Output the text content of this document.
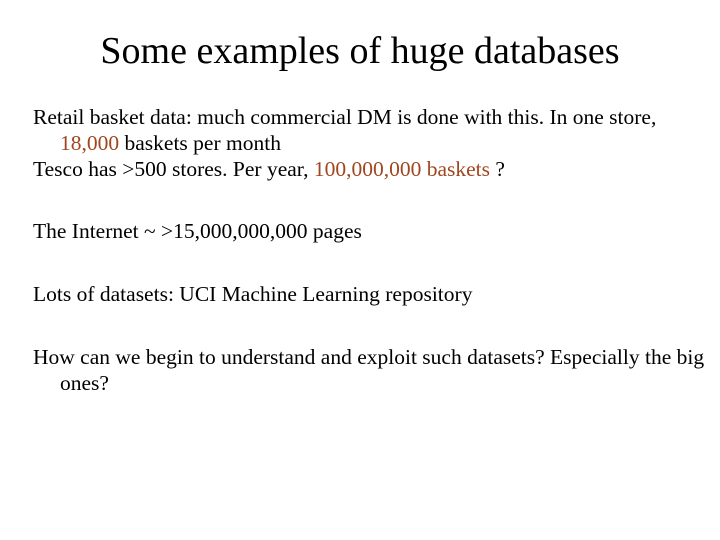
Some examples of huge databases

Retail basket data: much commercial DM is done with this. In one store, 18,000 baskets per month

Tesco has >500 stores. Per year, 100,000,000 baskets ?

The Internet ~ >15,000,000,000 pages

Lots of datasets: UCI Machine Learning repository

How can we begin to understand and exploit such datasets? Especially the big ones?
